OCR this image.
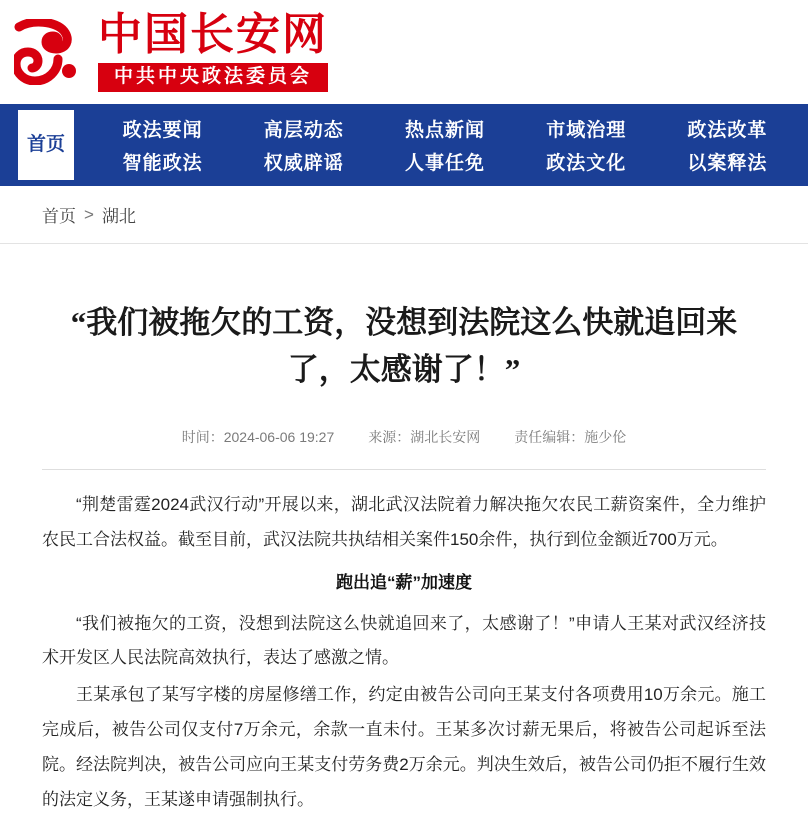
中国长安网
中共中央政法委员会
首页
政法要闻
智能政法
高层动态
权威辟谣
热点新闻
人事任免
市域治理
政法文化
政法改革
以案释法
首页 > 湖北
“我们被拖欠的工资，没想到法院这么快就追回来了，太感谢了！”
时间：2024-06-06 19:27 来源：湖北长安网 责任编辑：施少伦

“荆楚雷霆2024武汉行动”开展以来，湖北武汉法院着力解决拖欠农民工薪资案件，全力维护农民工合法权益。截至目前，武汉法院共执结相关案件150余件，执行到位金额近700万元。

跑出追“薪”加速度

“我们被拖欠的工资，没想到法院这么快就追回来了，太感谢了！”申请人王某对武汉经济技术开发区人民法院高效执行，表达了感激之情。

王某承包了某写字楼的房屋修缮工作，约定由被告公司向王某支付各项费用10万余元。施工完成后，被告公司仅支付7万余元，余款一直未付。王某多次讨薪无果后，将被告公司起诉至法院。经法院判决，被告公司应向王某支付劳务费2万余元。判决生效后，被告公司仍拒不履行生效的法定义务，王某遂申请强制执行。
